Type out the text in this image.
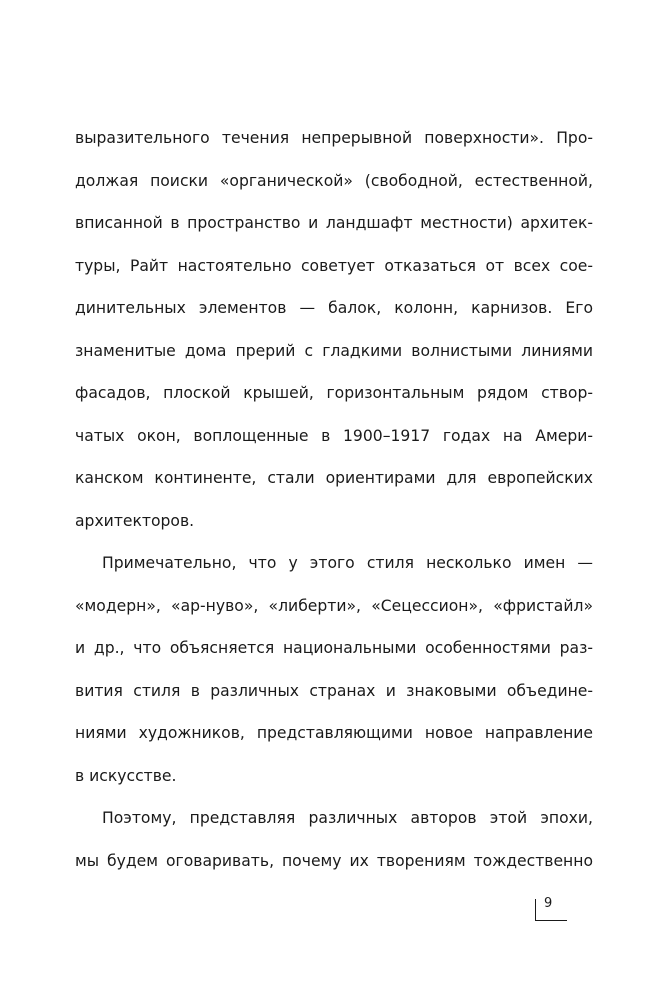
выразительного течения непрерывной поверхности». Про-
должая поиски «органической» (свободной, естественной,
вписанной в пространство и ландшафт местности) архитек-
туры, Райт настоятельно советует отказаться от всех сое-
динительных элементов — балок, колонн, карнизов. Его
знаменитые дома прерий с гладкими волнистыми линиями
фасадов, плоской крышей, горизонтальным рядом створ-
чатых окон, воплощенные в 1900–1917 годах на Амери-
канском континенте, стали ориентирами для европейских
архитекторов.
Примечательно, что у этого стиля несколько имен —
«модерн», «ар-нуво», «либерти», «Сецессион», «фристайл»
и др., что объясняется национальными особенностями раз-
вития стиля в различных странах и знаковыми объедине-
ниями художников, представляющими новое направление
в искусстве.
Поэтому, представляя различных авторов этой эпохи,
мы будем оговаривать, почему их творениям тождественно
9
